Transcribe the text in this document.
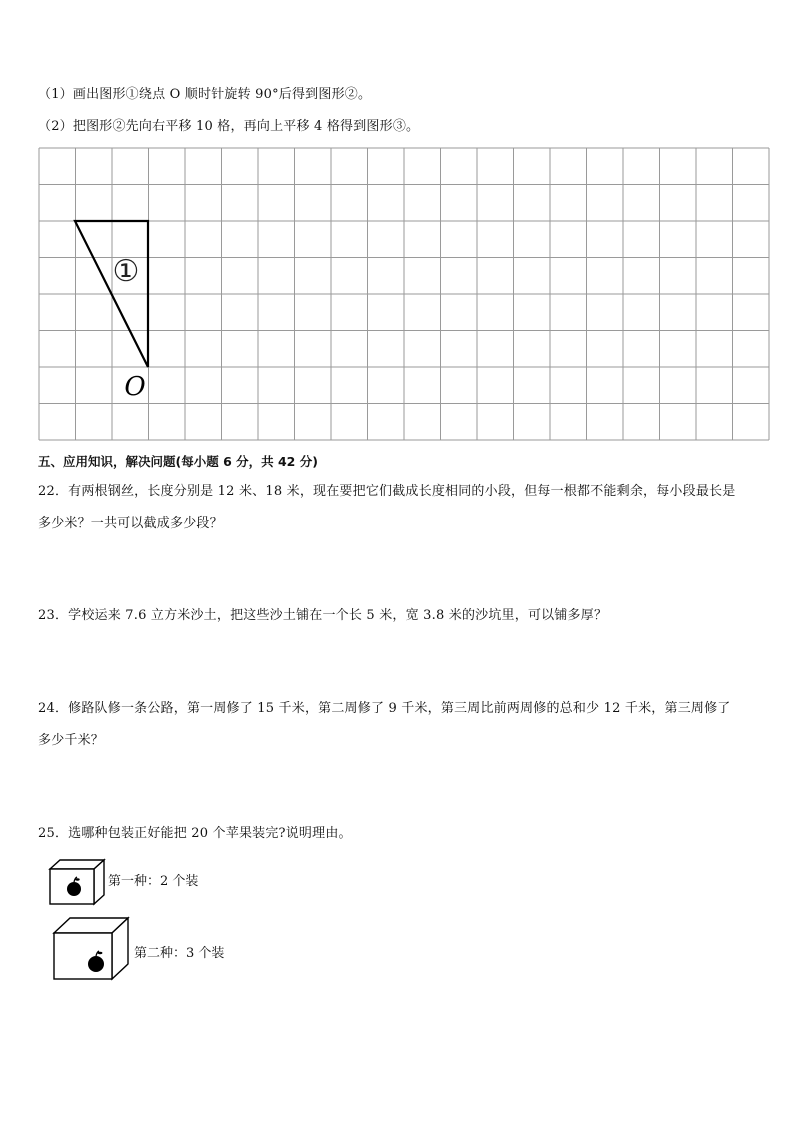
（1）画出图形①绕点 O 顺时针旋转 90°后得到图形②。
（2）把图形②先向右平移 10 格，再向上平移 4 格得到图形③。
①
O
五、应用知识，解决问题(每小题 6 分，共 42 分)
22．有两根钢丝，长度分别是 12 米、18 米，现在要把它们截成长度相同的小段，但每一根都不能剩余，每小段最长是
多少米？一共可以截成多少段？
23．学校运来 7.6 立方米沙土，把这些沙土铺在一个长 5 米，宽 3.8 米的沙坑里，可以铺多厚？
24．修路队修一条公路，第一周修了 15 千米，第二周修了 9 千米，第三周比前两周修的总和少 12 千米，第三周修了
多少千米？
25．选哪种包装正好能把 20 个苹果装完?说明理由。
第一种：2 个装
第二种：3 个装
